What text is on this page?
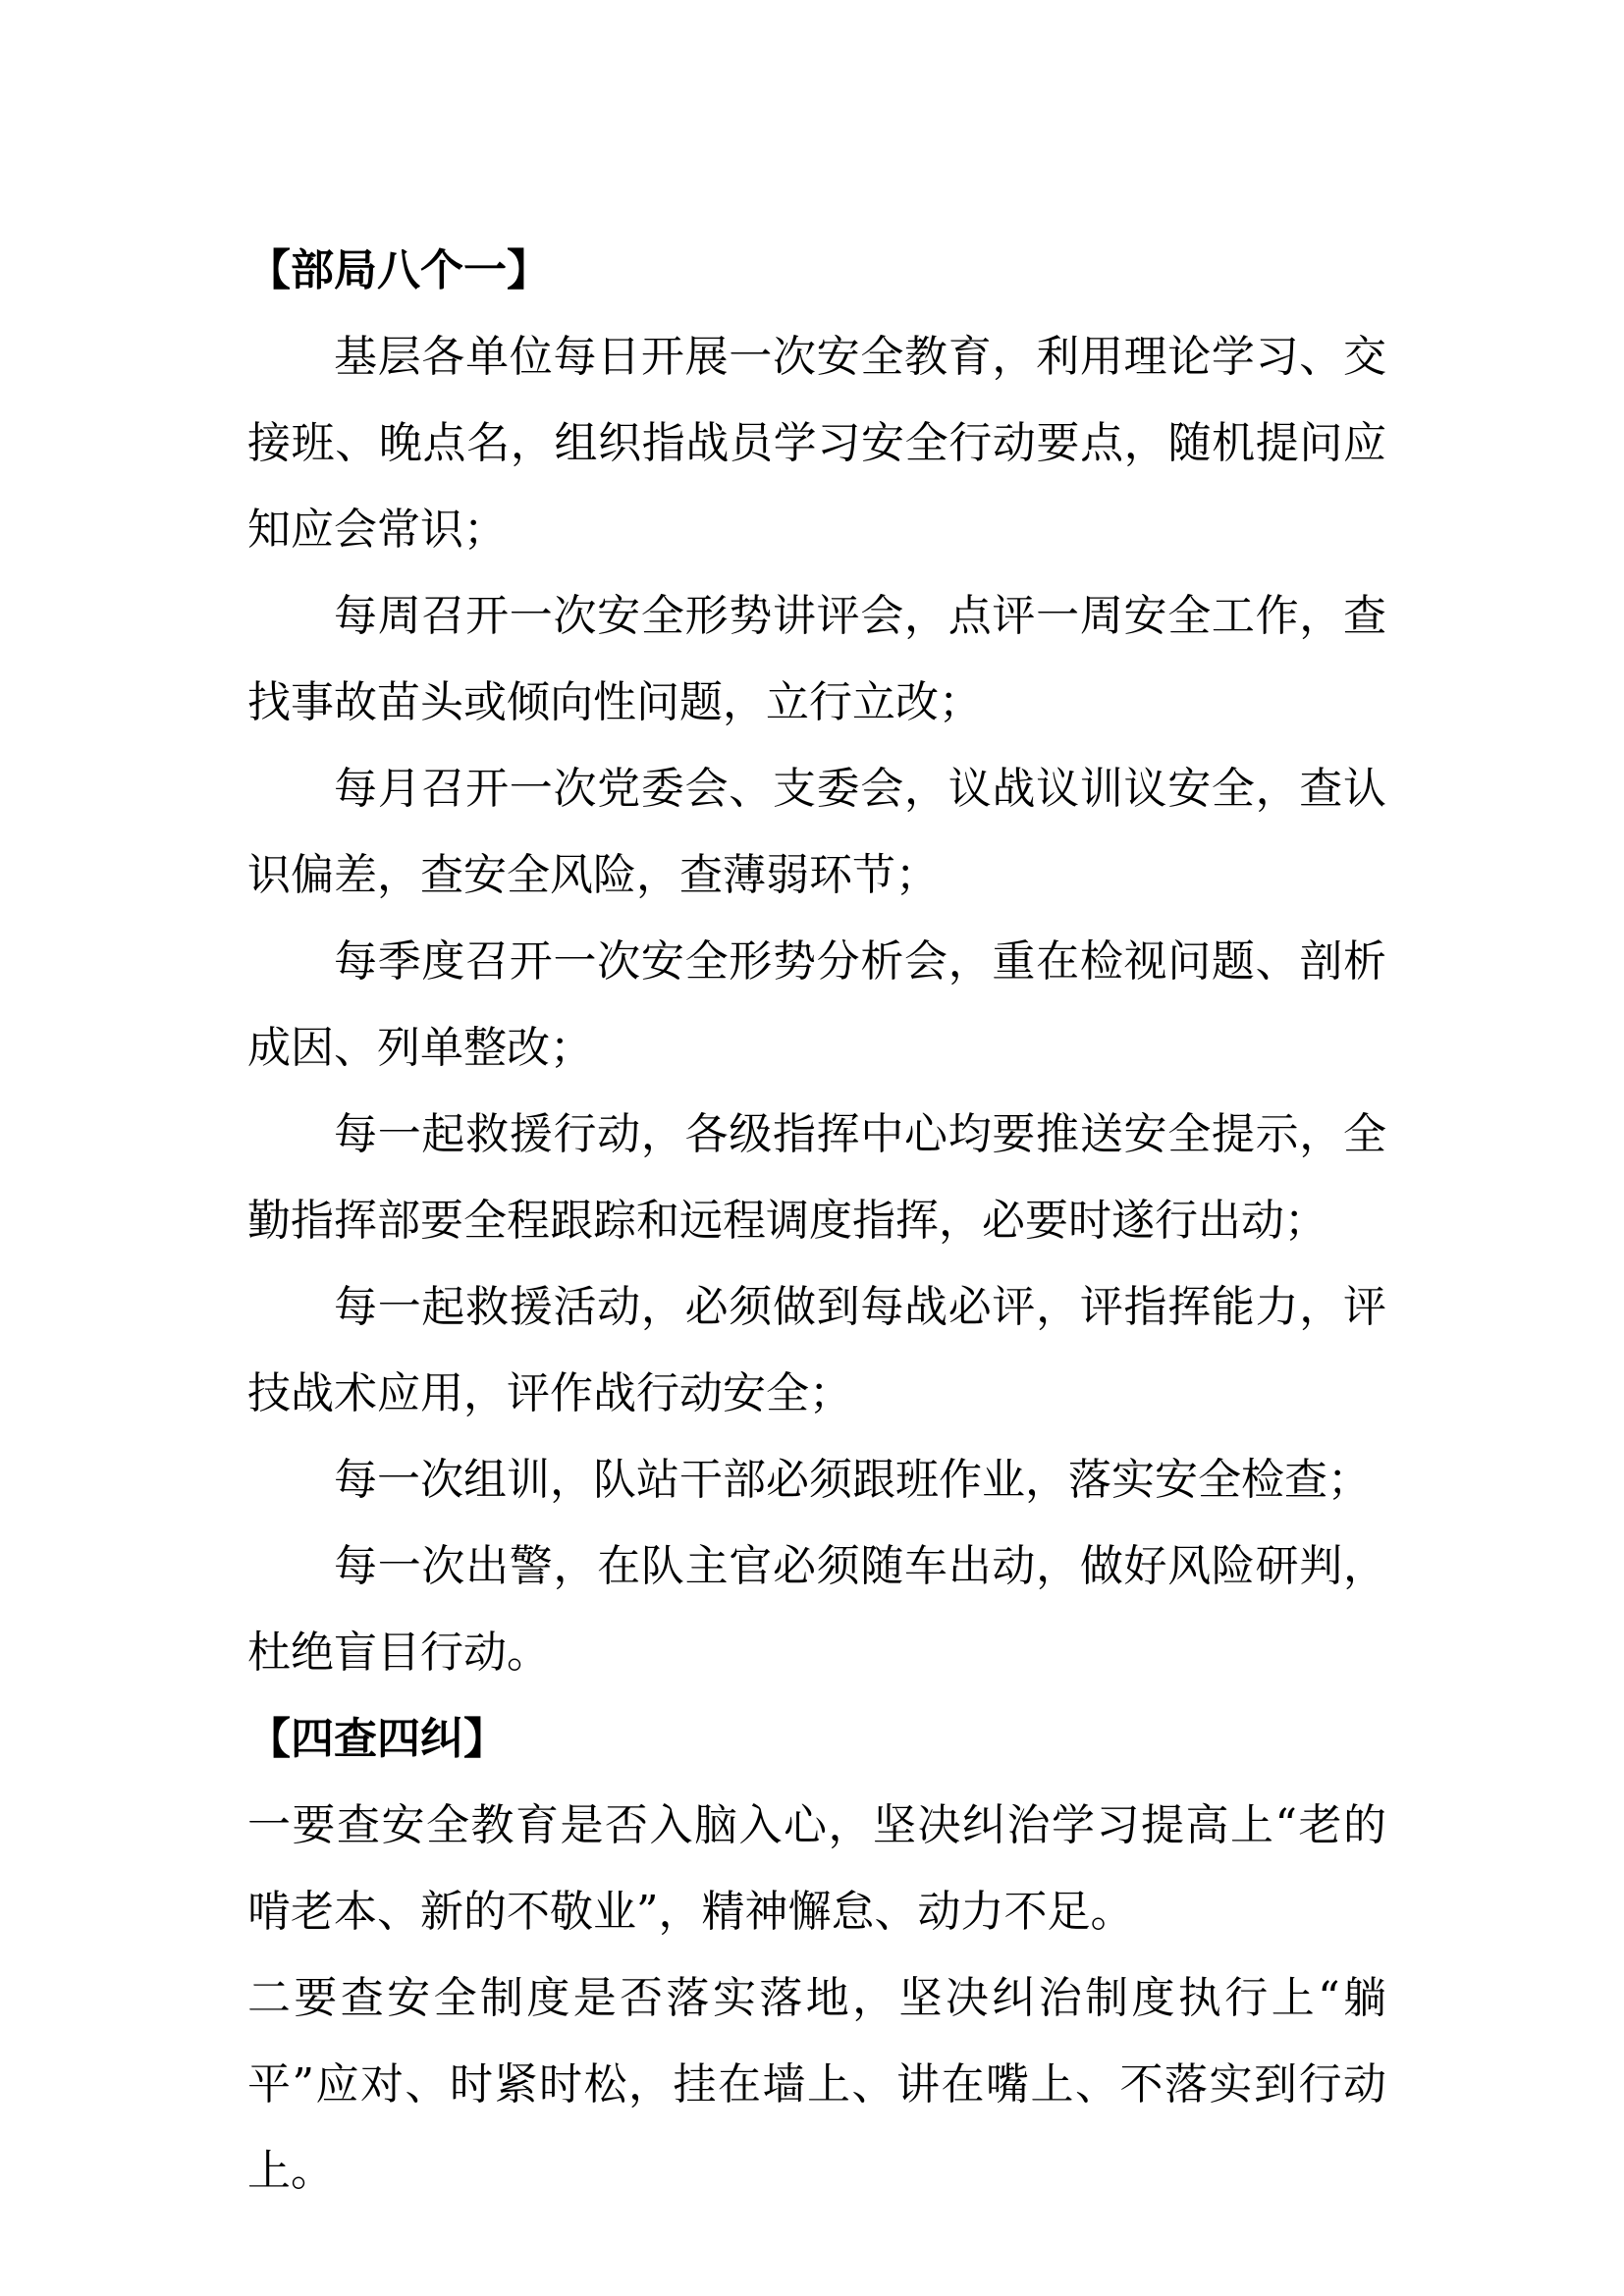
【部局八个一】

基层各单位每日开展一次安全教育，利用理论学习、交接班、晚点名，组织指战员学习安全行动要点，随机提问应知应会常识；

每周召开一次安全形势讲评会，点评一周安全工作，查找事故苗头或倾向性问题，立行立改；

每月召开一次党委会、支委会，议战议训议安全，查认识偏差，查安全风险，查薄弱环节；

每季度召开一次安全形势分析会，重在检视问题、剖析成因、列单整改；

每一起救援行动，各级指挥中心均要推送安全提示，全勤指挥部要全程跟踪和远程调度指挥，必要时遂行出动；

每一起救援活动，必须做到每战必评，评指挥能力，评技战术应用，评作战行动安全；

每一次组训，队站干部必须跟班作业，落实安全检查；

每一次出警，在队主官必须随车出动，做好风险研判，杜绝盲目行动。

【四查四纠】

一要查安全教育是否入脑入心，坚决纠治学习提高上“老的啃老本、新的不敬业”，精神懈怠、动力不足。

二要查安全制度是否落实落地，坚决纠治制度执行上“躺平”应对、时紧时松，挂在墙上、讲在嘴上、不落实到行动上。
